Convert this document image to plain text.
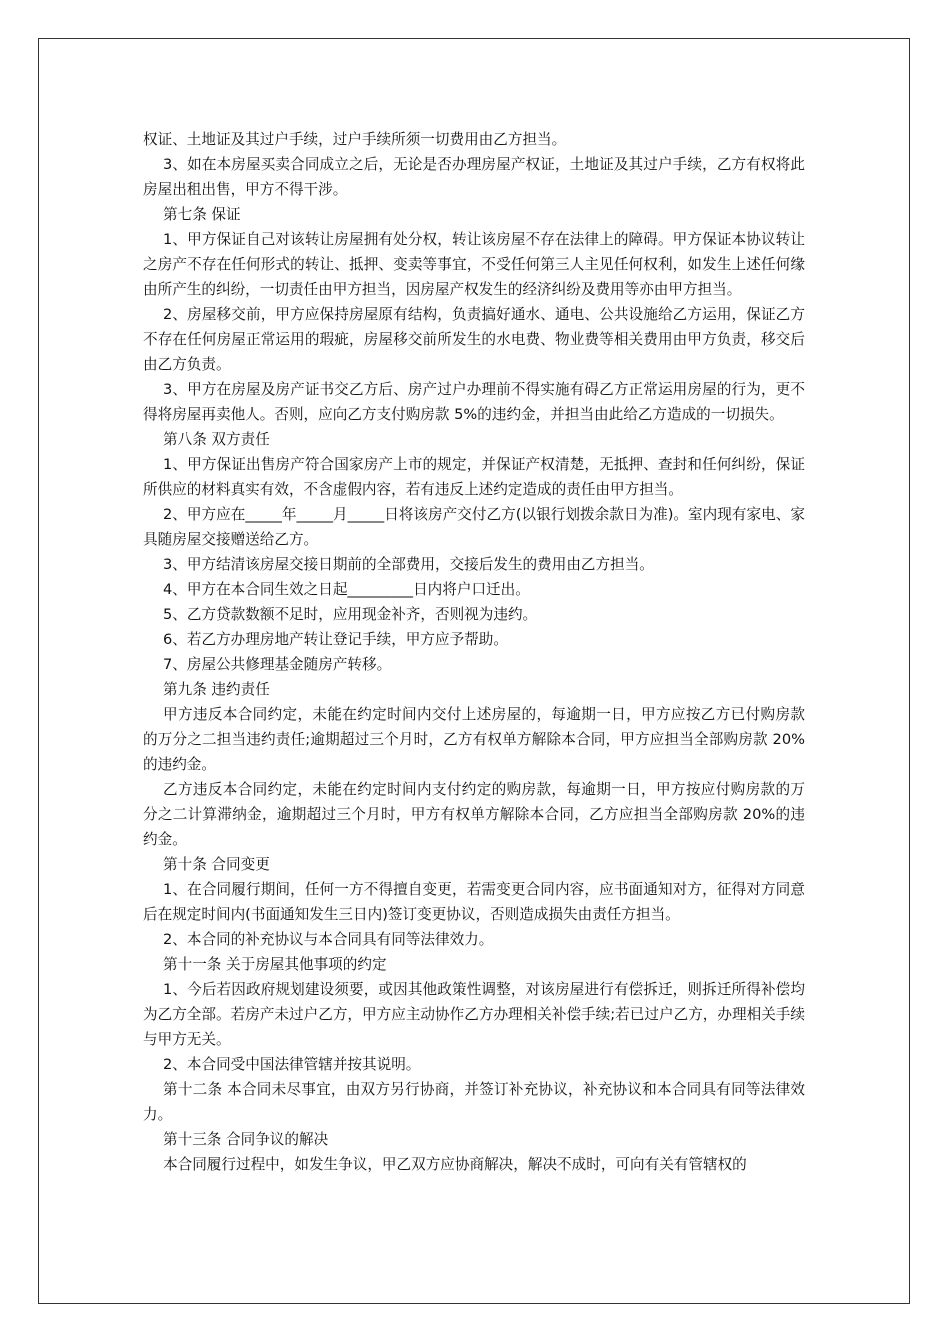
权证、土地证及其过户手续，过户手续所须一切费用由乙方担当。

3、如在本房屋买卖合同成立之后，无论是否办理房屋产权证，土地证及其过户手续，乙方有权将此房屋出租出售，甲方不得干涉。

第七条 保证

1、甲方保证自己对该转让房屋拥有处分权，转让该房屋不存在法律上的障碍。甲方保证本协议转让之房产不存在任何形式的转让、抵押、变卖等事宜，不受任何第三人主见任何权利，如发生上述任何缘由所产生的纠纷，一切责任由甲方担当，因房屋产权发生的经济纠纷及费用等亦由甲方担当。

2、房屋移交前，甲方应保持房屋原有结构，负责搞好通水、通电、公共设施给乙方运用，保证乙方不存在任何房屋正常运用的瑕疵，房屋移交前所发生的水电费、物业费等相关费用由甲方负责，移交后由乙方负责。

3、甲方在房屋及房产证书交乙方后、房产过户办理前不得实施有碍乙方正常运用房屋的行为，更不得将房屋再卖他人。否则，应向乙方支付购房款 5%的违约金，并担当由此给乙方造成的一切损失。

第八条 双方责任

1、甲方保证出售房产符合国家房产上市的规定，并保证产权清楚，无抵押、查封和任何纠纷，保证所供应的材料真实有效，不含虚假内容，若有违反上述约定造成的责任由甲方担当。

2、甲方应在_____年_____月_____日将该房产交付乙方(以银行划拨余款日为准)。室内现有家电、家具随房屋交接赠送给乙方。

3、甲方结清该房屋交接日期前的全部费用，交接后发生的费用由乙方担当。

4、甲方在本合同生效之日起_________日内将户口迁出。

5、乙方贷款数额不足时，应用现金补齐，否则视为违约。

6、若乙方办理房地产转让登记手续，甲方应予帮助。

7、房屋公共修理基金随房产转移。

第九条 违约责任

甲方违反本合同约定，未能在约定时间内交付上述房屋的，每逾期一日，甲方应按乙方已付购房款的万分之二担当违约责任;逾期超过三个月时，乙方有权单方解除本合同，甲方应担当全部购房款 20%的违约金。

乙方违反本合同约定，未能在约定时间内支付约定的购房款，每逾期一日，甲方按应付购房款的万分之二计算滞纳金，逾期超过三个月时，甲方有权单方解除本合同，乙方应担当全部购房款 20%的违约金。

第十条 合同变更

1、在合同履行期间，任何一方不得擅自变更，若需变更合同内容，应书面通知对方，征得对方同意后在规定时间内(书面通知发生三日内)签订变更协议，否则造成损失由责任方担当。

2、本合同的补充协议与本合同具有同等法律效力。

第十一条 关于房屋其他事项的约定

1、今后若因政府规划建设须要，或因其他政策性调整，对该房屋进行有偿拆迁，则拆迁所得补偿均为乙方全部。若房产未过户乙方，甲方应主动协作乙方办理相关补偿手续;若已过户乙方，办理相关手续与甲方无关。

2、本合同受中国法律管辖并按其说明。

第十二条 本合同未尽事宜，由双方另行协商，并签订补充协议，补充协议和本合同具有同等法律效力。

第十三条 合同争议的解决

本合同履行过程中，如发生争议，甲乙双方应协商解决，解决不成时，可向有关有管辖权的
